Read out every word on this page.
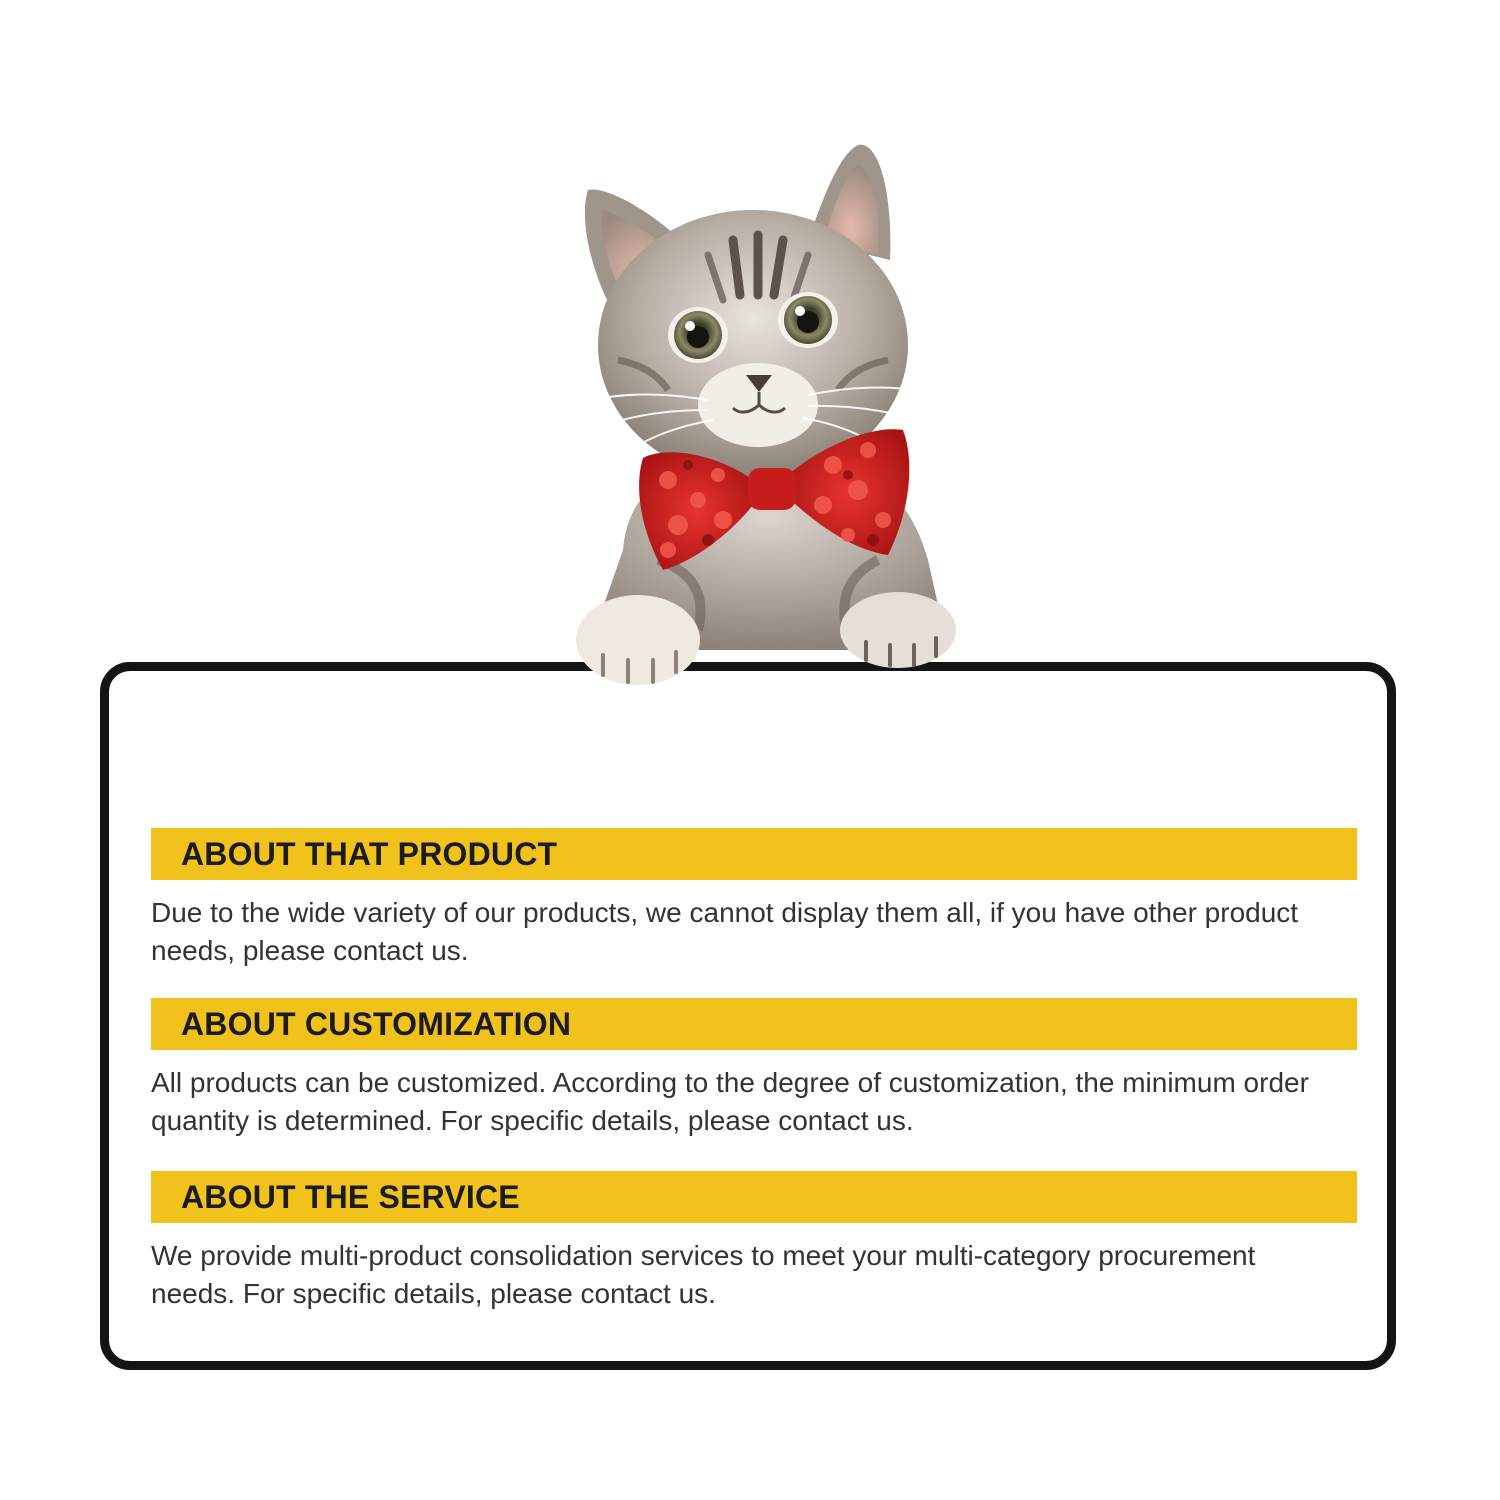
ABOUT THAT PRODUCT

Due to the wide variety of our products, we cannot display them all, if you have other product needs, please contact us.

ABOUT CUSTOMIZATION

All products can be customized. According to the degree of customization, the minimum order quantity is determined. For specific details, please contact us.

ABOUT THE SERVICE

We provide multi-product consolidation services to meet your multi-category procurement needs. For specific details, please contact us.
